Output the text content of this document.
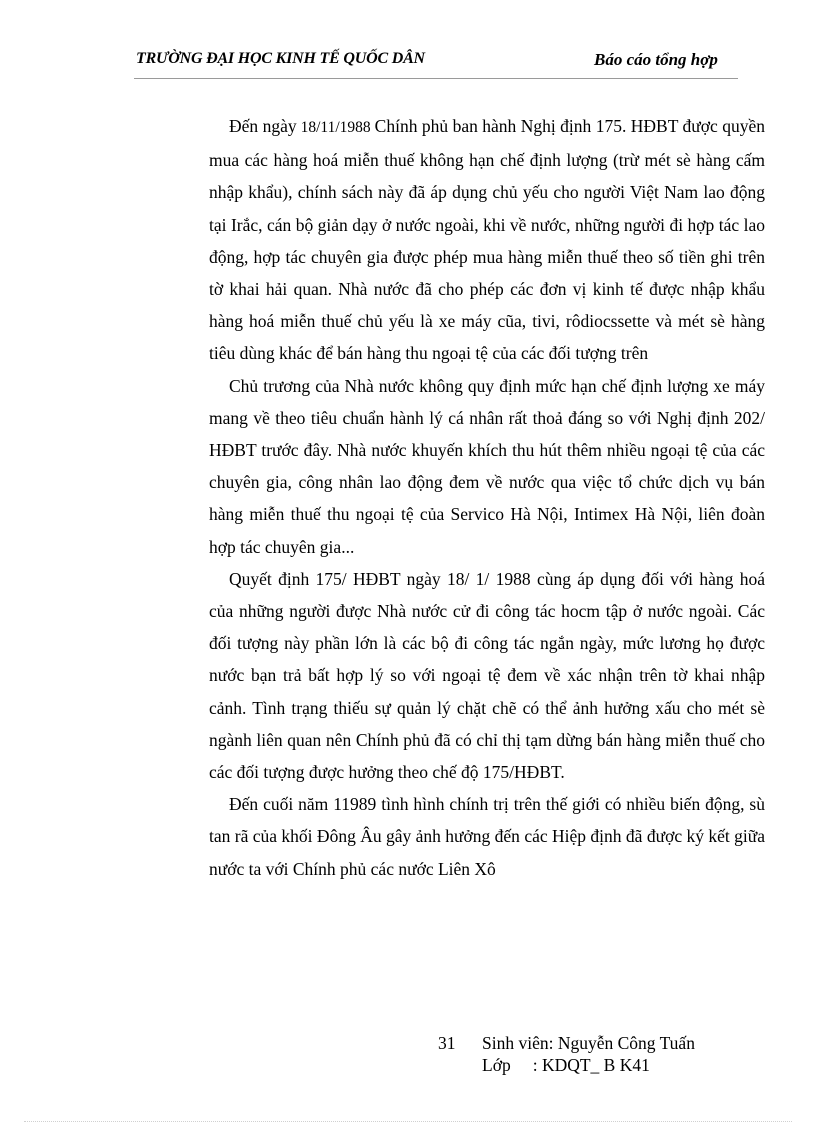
TRƯỜNG ĐẠI HỌC KINH TẾ QUỐC DÂN	Báo cáo tổng hợp

Đến ngày 18/11/1988 Chính phủ ban hành Nghị định 175. HĐBT được quyền mua các hàng hoá miễn thuế không hạn chế định lượng (trừ mét sè hàng cấm nhập khẩu), chính sách này đã áp dụng chủ yếu cho người Việt Nam lao động tại Irắc, cán bộ giản dạy ở nước ngoài, khi về nước, những người đi hợp tác lao động, hợp tác chuyên gia được phép mua hàng miễn thuế theo số tiền ghi trên tờ khai hải quan. Nhà nước đã cho phép các đơn vị kinh tế được nhập khẩu hàng hoá miễn thuế chủ yếu là xe máy cũa, tivi, rôdiocssette và mét sè hàng tiêu dùng khác để bán hàng thu ngoại tệ của các đối tượng trên

Chủ trương của Nhà nước không quy định mức hạn chế định lượng xe máy mang về theo tiêu chuẩn hành lý cá nhân rất thoả đáng so với Nghị định 202/ HĐBT trước đây. Nhà nước khuyến khích thu hút thêm nhiều ngoại tệ của các chuyên gia, công nhân lao động đem về nước qua việc tổ chức dịch vụ bán hàng miễn thuế thu ngoại tệ của Servico Hà Nội, Intimex Hà Nội, liên đoàn hợp tác chuyên gia...

Quyết định 175/ HĐBT ngày 18/ 1/ 1988 cùng áp dụng đối với hàng hoá của những người được Nhà nước cử đi công tác hocm tập ở nước ngoài. Các đối tượng này phần lớn là các bộ đi công tác ngắn ngày, mức lương họ được nước bạn trả bất hợp lý so với ngoại tệ đem về xác nhận trên tờ khai nhập cảnh. Tình trạng thiếu sự quản lý chặt chẽ có thể ảnh hưởng xấu cho mét sè ngành liên quan nên Chính phủ đã có chỉ thị tạm dừng bán hàng miễn thuế cho các đối tượng được hưởng theo chế độ 175/HĐBT.

Đến cuối năm 11989 tình hình chính trị trên thế giới có nhiều biến động, sù tan rã của khối Đông Âu gây ảnh hưởng đến các Hiệp định đã được ký kết giữa nước ta với Chính phủ các nước Liên Xô

31 Sinh viên: Nguyễn Công Tuấn
Lớp : KDQT_ B K41
